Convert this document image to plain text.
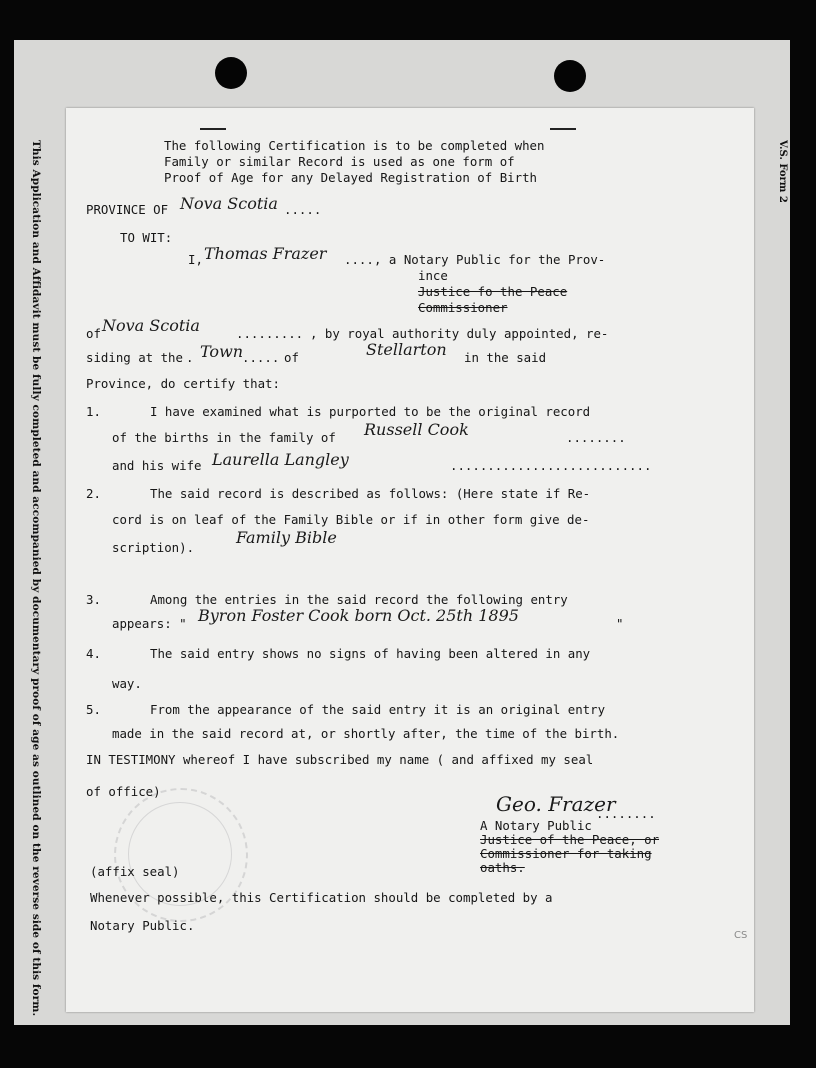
This Application and Affidavit must be fully completed and accompanied by documentary proof of age as outlined on the reverse side of this form.	V.S. Form 2
The following Certification is to be completed when
Family or similar Record is used as one form of
Proof of Age for any Delayed Registration of Birth
PROVINCE OF Nova Scotia .....
TO WIT:
I, Thomas Frazer .... , a Notary Public for the Prov-
ince
Justice fo the Peace
Commissioner
of Nova Scotia	......... , by royal authority duly appointed, re-
siding at the . Town
..... of	Stellarton in the said
Province, do certify that:
1.	I have examined what is purported to be the original record
of the births in the family of Russell Cook	........
and his wife Laurella Langley	...........................
2.	The said record is described as follows: (Here state if Re-
cord is on leaf of the Family Bible or if in other form give de-
scription).
Family Bible
3.	Among the entries in the said record the following entry
appears: " Byron Foster Cook born Oct. 25th 1895	"
4.	The said entry shows no signs of having been altered in any
way.
5.	From the appearance of the said entry it is an original entry
made in the said record at, or shortly after, the time of the birth.
IN TESTIMONY whereof I have subscribed my name ( and affixed my seal
of office)
Geo. Frazer
........
A Notary Public
Justice of the Peace, or
Commissioner for taking
oaths.
(affix seal)
Whenever possible, this Certification should be completed by a
Notary Public.
CS
